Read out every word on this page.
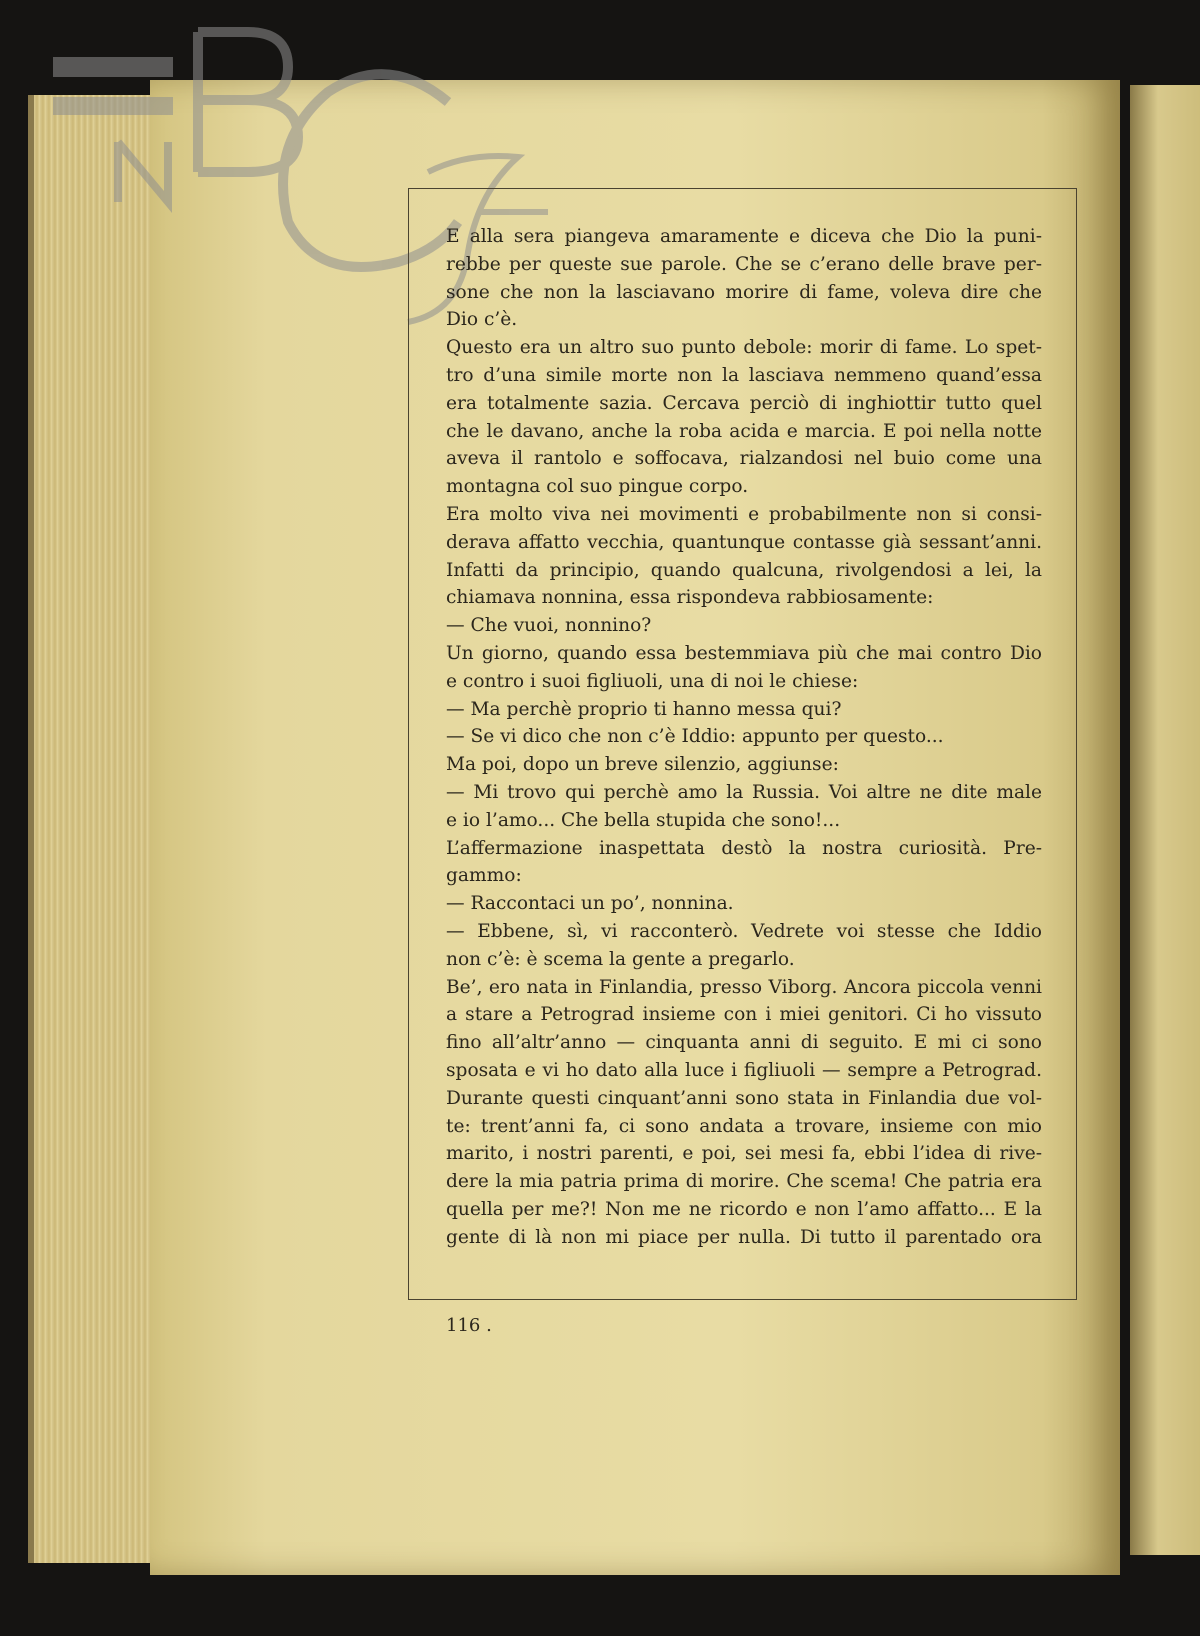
E alla sera piangeva amaramente e diceva che Dio la puni-
rebbe per queste sue parole. Che se c’erano delle brave per-
sone che non la lasciavano morire di fame, voleva dire che
Dio c’è.
Questo era un altro suo punto debole: morir di fame. Lo spet-
tro d’una simile morte non la lasciava nemmeno quand’essa
era totalmente sazia. Cercava perciò di inghiottir tutto quel
che le davano, anche la roba acida e marcia. E poi nella notte
aveva il rantolo e soffocava, rialzandosi nel buio come una
montagna col suo pingue corpo.
Era molto viva nei movimenti e probabilmente non si consi-
derava affatto vecchia, quantunque contasse già sessant’anni.
Infatti da principio, quando qualcuna, rivolgendosi a lei, la
chiamava nonnina, essa rispondeva rabbiosamente:
— Che vuoi, nonnino?
Un giorno, quando essa bestemmiava più che mai contro Dio
e contro i suoi figliuoli, una di noi le chiese:
— Ma perchè proprio ti hanno messa qui?
— Se vi dico che non c’è Iddio: appunto per questo...
Ma poi, dopo un breve silenzio, aggiunse:
— Mi trovo qui perchè amo la Russia. Voi altre ne dite male
e io l’amo... Che bella stupida che sono!...
L’affermazione inaspettata destò la nostra curiosità. Pre-
gammo:
— Raccontaci un po’, nonnina.
— Ebbene, sì, vi racconterò. Vedrete voi stesse che Iddio
non c’è: è scema la gente a pregarlo.
Be’, ero nata in Finlandia, presso Viborg. Ancora piccola venni
a stare a Petrograd insieme con i miei genitori. Ci ho vissuto
fino all’altr’anno — cinquanta anni di seguito. E mi ci sono
sposata e vi ho dato alla luce i figliuoli — sempre a Petrograd.
Durante questi cinquant’anni sono stata in Finlandia due vol-
te: trent’anni fa, ci sono andata a trovare, insieme con mio
marito, i nostri parenti, e poi, sei mesi fa, ebbi l’idea di rive-
dere la mia patria prima di morire. Che scema! Che patria era
quella per me?! Non me ne ricordo e non l’amo affatto... E la
gente di là non mi piace per nulla. Di tutto il parentado ora
116 .
